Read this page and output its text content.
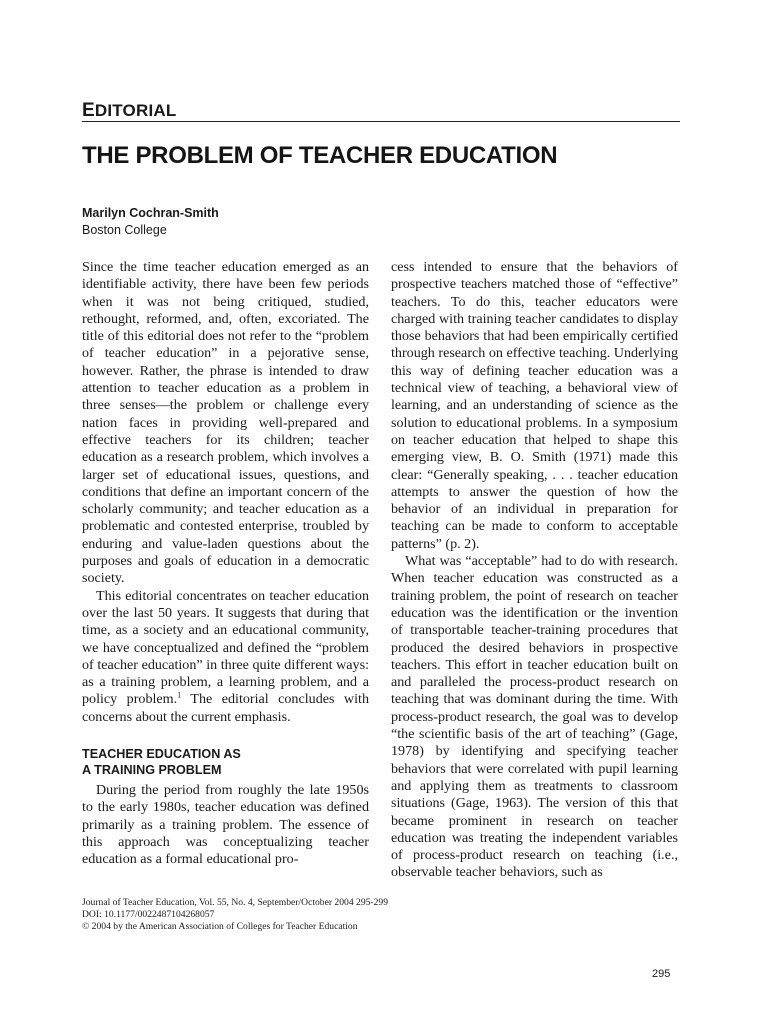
EDITORIAL
THE PROBLEM OF TEACHER EDUCATION
Marilyn Cochran-Smith
Boston College

Since the time teacher education emerged as an identifiable activity, there have been few periods when it was not being critiqued, studied, rethought, reformed, and, often, excoriated. The title of this editorial does not refer to the “problem of teacher education” in a pejorative sense, however. Rather, the phrase is intended to draw attention to teacher education as a problem in three senses—the problem or challenge every nation faces in providing well-prepared and effective teachers for its children; teacher education as a research problem, which involves a larger set of educational issues, questions, and conditions that define an important concern of the scholarly community; and teacher education as a problematic and contested enterprise, troubled by enduring and value-laden questions about the purposes and goals of education in a democratic society.

This editorial concentrates on teacher education over the last 50 years. It suggests that during that time, as a society and an educational community, we have conceptualized and defined the “problem of teacher education” in three quite different ways: as a training problem, a learning problem, and a policy problem.$^1$ The editorial concludes with concerns about the current emphasis.

TEACHER EDUCATION AS
A TRAINING PROBLEM

During the period from roughly the late 1950s to the early 1980s, teacher education was defined primarily as a training problem. The essence of this approach was conceptualizing teacher education as a formal educational pro-

cess intended to ensure that the behaviors of prospective teachers matched those of “effective” teachers. To do this, teacher educators were charged with training teacher candidates to display those behaviors that had been empirically certified through research on effective teaching. Underlying this way of defining teacher education was a technical view of teaching, a behavioral view of learning, and an understanding of science as the solution to educational problems. In a symposium on teacher education that helped to shape this emerging view, B. O. Smith (1971) made this clear: “Generally speaking, . . . teacher education attempts to answer the question of how the behavior of an individual in preparation for teaching can be made to conform to acceptable patterns” (p. 2).

What was “acceptable” had to do with research. When teacher education was constructed as a training problem, the point of research on teacher education was the identification or the invention of transportable teacher-training procedures that produced the desired behaviors in prospective teachers. This effort in teacher education built on and paralleled the process-product research on teaching that was dominant during the time. With process-product research, the goal was to develop “the scientific basis of the art of teaching” (Gage, 1978) by identifying and specifying teacher behaviors that were correlated with pupil learning and applying them as treatments to classroom situations (Gage, 1963). The version of this that became prominent in research on teacher education was treating the independent variables of process-product research on teaching (i.e., observable teacher behaviors, such as

Journal of Teacher Education, Vol. 55, No. 4, September/October 2004 295-299
DOI: 10.1177/0022487104268057
© 2004 by the American Association of Colleges for Teacher Education
295
